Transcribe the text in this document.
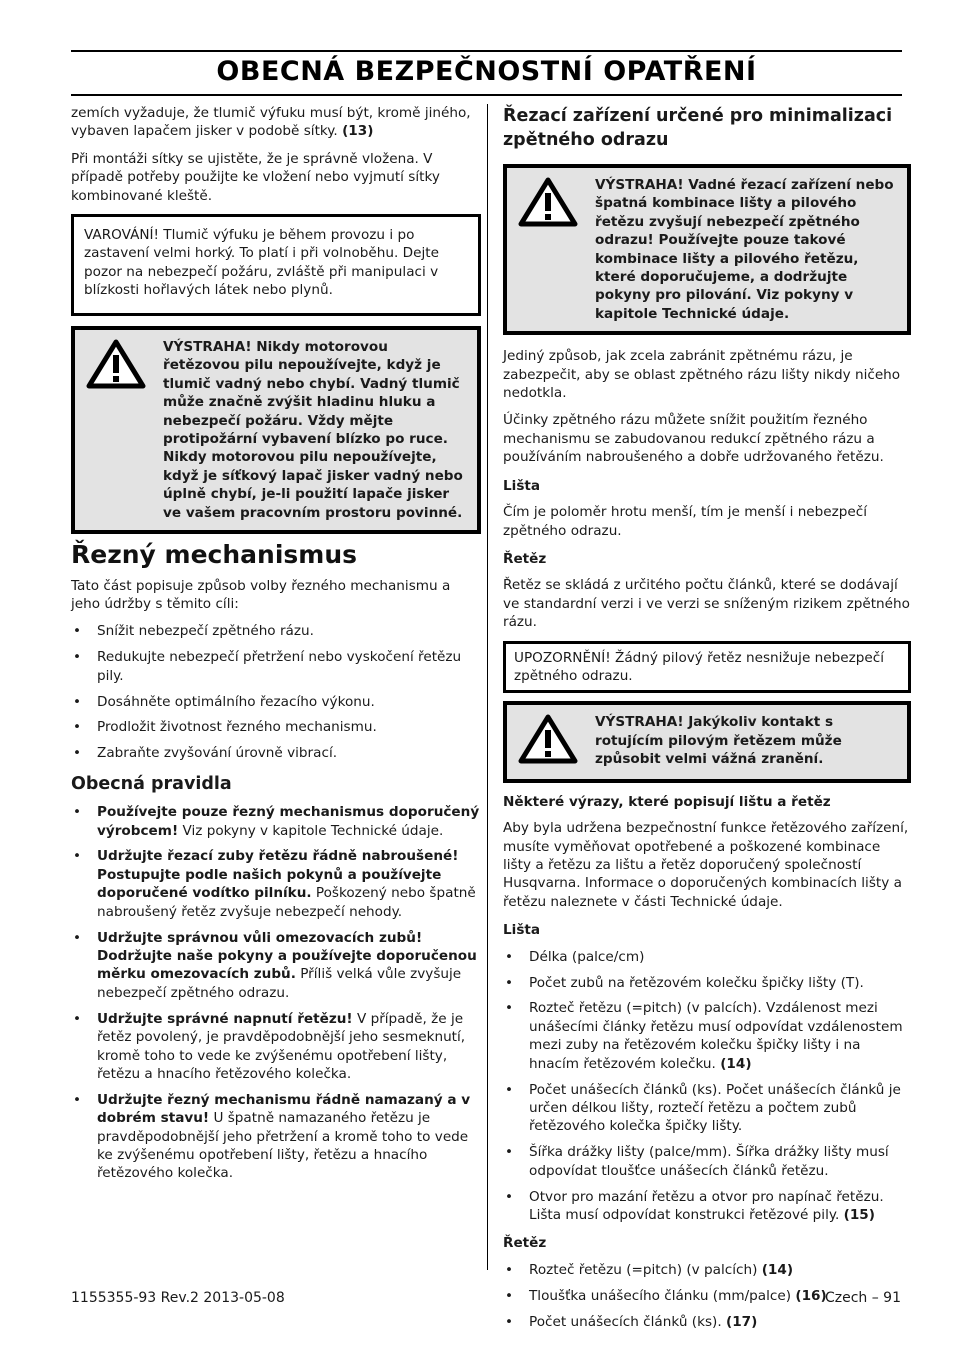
OBECNÁ BEZPEČNOSTNÍ OPATŘENÍ

zemích vyžaduje, že tlumič výfuku musí být, kromě jiného, vybaven lapačem jisker v podobě sítky. (13)

Při montáži sítky se ujistěte, že je správně vložena. V případě potřeby použijte ke vložení nebo vyjmutí sítky kombinované kleště.

VAROVÁNÍ! Tlumič výfuku je během provozu i po zastavení velmi horký. To platí i při volnoběhu. Dejte pozor na nebezpečí požáru, zvláště při manipulaci v blízkosti hořlavých látek nebo plynů.
VÝSTRAHA! Nikdy motorovou řetězovou pilu nepoužívejte, když je tlumič vadný nebo chybí. Vadný tlumič může značně zvýšit hladinu hluku a nebezpečí požáru. Vždy mějte protipožární vybavení blízko po ruce. Nikdy motorovou pilu nepoužívejte, když je síťkový lapač jisker vadný nebo úplně chybí, je-li použití lapače jisker ve vašem pracovním prostoru povinné.
Řezný mechanismus

Tato část popisuje způsob volby řezného mechanismu a jeho údržby s těmito cíli:

• Snížit nebezpečí zpětného rázu.
• Redukujte nebezpečí přetržení nebo vyskočení řetězu pily.
• Dosáhněte optimálního řezacího výkonu.
• Prodložit životnost řezného mechanismu.
• Zabraňte zvyšování úrovně vibrací.
Obecná pravidla
• Používejte pouze řezný mechanismus doporučený výrobcem! Viz pokyny v kapitole Technické údaje.
• Udržujte řezací zuby řetězu řádně nabroušené! Postupujte podle našich pokynů a používejte doporučené vodítko pilníku. Poškozený nebo špatně nabroušený řetěz zvyšuje nebezpečí nehody.
• Udržujte správnou vůli omezovacích zubů! Dodržujte naše pokyny a používejte doporučenou měrku omezovacích zubů. Příliš velká vůle zvyšuje nebezpečí zpětného odrazu.
• Udržujte správné napnutí řetězu! V případě, že je řetěz povolený, je pravděpodobnější jeho sesmeknutí, kromě toho to vede ke zvýšenému opotřebení lišty, řetězu a hnacího řetězového kolečka.
• Udržujte řezný mechanismu řádně namazaný a v dobrém stavu! U špatně namazaného řetězu je pravděpodobnější jeho přetržení a kromě toho to vede ke zvýšenému opotřebení lišty, řetězu a hnacího řetězového kolečka.
Řezací zařízení určené pro minimalizaci zpětného odrazu
VÝSTRAHA! Vadné řezací zařízení nebo špatná kombinace lišty a pilového řetězu zvyšují nebezpečí zpětného odrazu! Používejte pouze takové kombinace lišty a pilového řetězu, které doporučujeme, a dodržujte pokyny pro pilování. Viz pokyny v kapitole Technické údaje.

Jediný způsob, jak zcela zabránit zpětnému rázu, je zabezpečit, aby se oblast zpětného rázu lišty nikdy ničeho nedotkla.

Účinky zpětného rázu můžete snížit použitím řezného mechanismu se zabudovanou redukcí zpětného rázu a používáním nabroušeného a dobře udržovaného řetězu.

Lišta

Čím je poloměr hrotu menší, tím je menší i nebezpečí zpětného odrazu.

Řetěz

Řetěz se skládá z určitého počtu článků, které se dodávají ve standardní verzi i ve verzi se sníženým rizikem zpětného rázu.

UPOZORNĚNÍ! Žádný pilový řetěz nesnižuje nebezpečí zpětného odrazu.
VÝSTRAHA! Jakýkoliv kontakt s rotujícím pilovým řetězem může způsobit velmi vážná zranění.
Některé výrazy, které popisují lištu a řetěz

Aby byla udržena bezpečnostní funkce řetězového zařízení, musíte vyměňovat opotřebené a poškozené kombinace lišty a řetězu za lištu a řetěz doporučený společností Husqvarna. Informace o doporučených kombinacích lišty a řetězu naleznete v části Technické údaje.

Lišta
• Délka (palce/cm)
• Počet zubů na řetězovém kolečku špičky lišty (T).
• Rozteč řetězu (=pitch) (v palcích). Vzdálenost mezi unášecími články řetězu musí odpovídat vzdálenostem mezi zuby na řetězovém kolečku špičky lišty i na hnacím řetězovém kolečku. (14)
• Počet unášecích článků (ks). Počet unášecích článků je určen délkou lišty, roztečí řetězu a počtem zubů řetězového kolečka špičky lišty.
• Šířka drážky lišty (palce/mm). Šířka drážky lišty musí odpovídat tloušťce unášecích článků řetězu.
• Otvor pro mazání řetězu a otvor pro napínač řetězu. Lišta musí odpovídat konstrukci řetězové pily. (15)
Řetěz
• Rozteč řetězu (=pitch) (v palcích) (14)
• Tloušťka unášecího článku (mm/palce) (16)
• Počet unášecích článků (ks). (17)
1155355-93 Rev.2 2013-05-08	Czech – 91
